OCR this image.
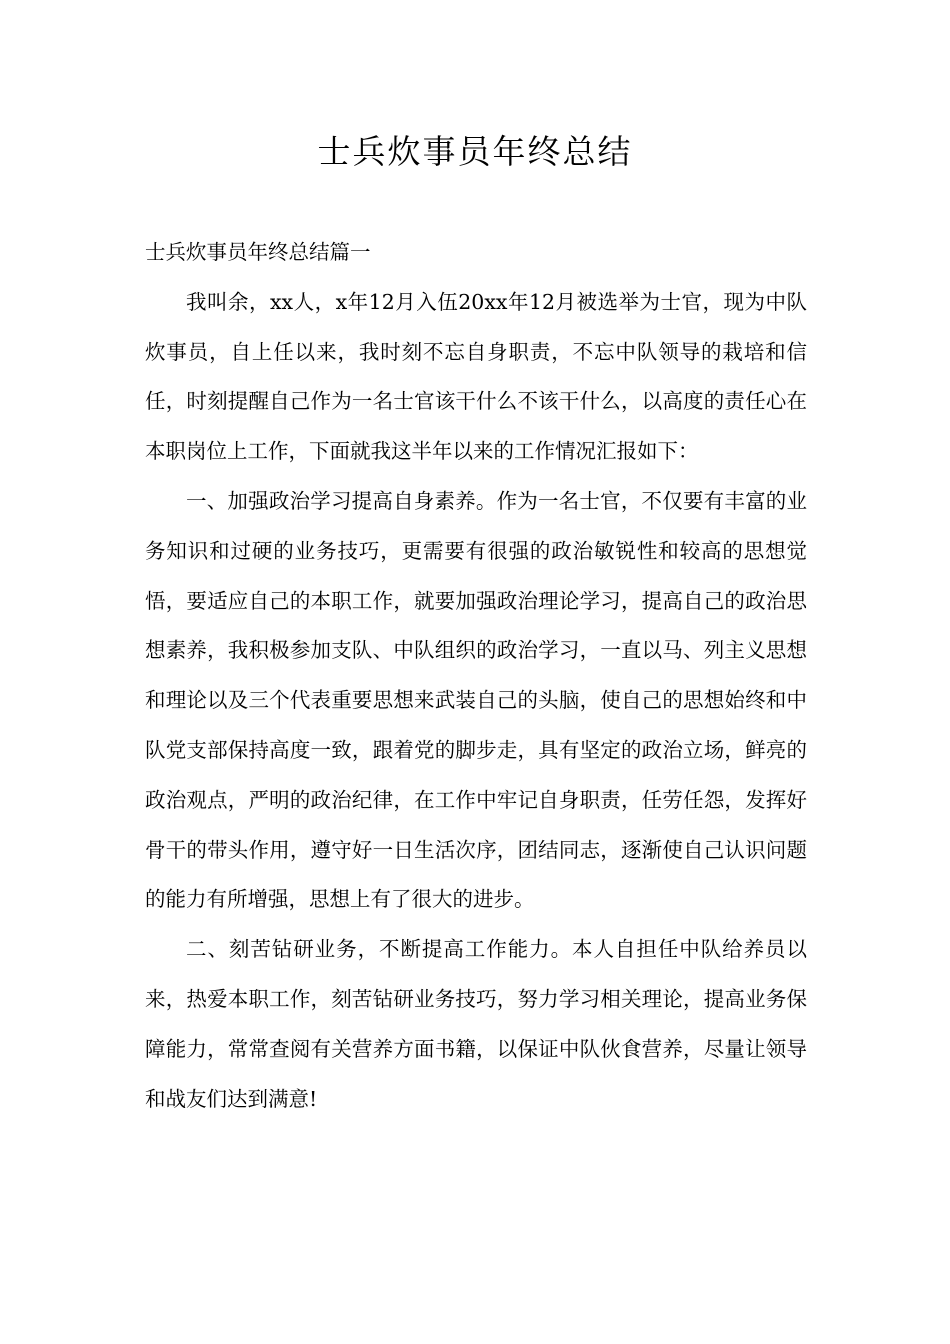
士兵炊事员年终总结

士兵炊事员年终总结篇一

我叫余，xx人，x年12月入伍20xx年12月被选举为士官，现为中队炊事员，自上任以来，我时刻不忘自身职责，不忘中队领导的栽培和信任，时刻提醒自己作为一名士官该干什么不该干什么，以高度的责任心在本职岗位上工作，下面就我这半年以来的工作情况汇报如下：

一、加强政治学习提高自身素养。作为一名士官，不仅要有丰富的业务知识和过硬的业务技巧，更需要有很强的政治敏锐性和较高的思想觉悟，要适应自己的本职工作，就要加强政治理论学习，提高自己的政治思想素养，我积极参加支队、中队组织的政治学习，一直以马、列主义思想和理论以及三个代表重要思想来武装自己的头脑，使自己的思想始终和中队党支部保持高度一致，跟着党的脚步走，具有坚定的政治立场，鲜亮的政治观点，严明的政治纪律，在工作中牢记自身职责，任劳任怨，发挥好骨干的带头作用，遵守好一日生活次序，团结同志，逐渐使自己认识问题的能力有所增强，思想上有了很大的进步。

二、刻苦钻研业务，不断提高工作能力。本人自担任中队给养员以来，热爱本职工作，刻苦钻研业务技巧，努力学习相关理论，提高业务保障能力，常常查阅有关营养方面书籍，以保证中队伙食营养，尽量让领导和战友们达到满意!
